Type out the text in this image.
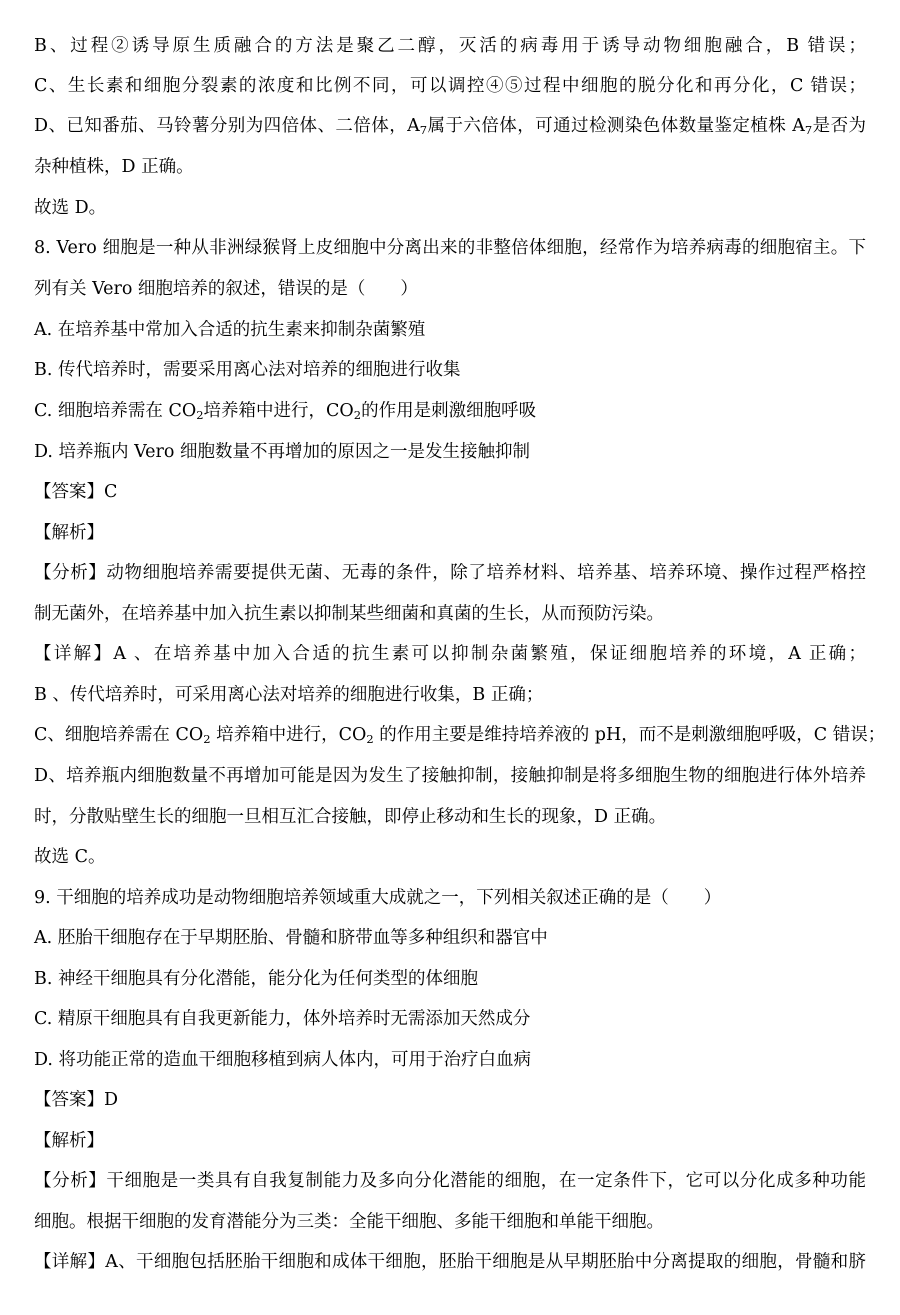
B、过程②诱导原生质融合的方法是聚乙二醇，灭活的病毒用于诱导动物细胞融合，B 错误；
C、生长素和细胞分裂素的浓度和比例不同，可以调控④⑤过程中细胞的脱分化和再分化，C 错误；
D、已知番茄、马铃薯分别为四倍体、二倍体，$A_7$属于六倍体，可通过检测染色体数量鉴定植株 $A_7$是否为
杂种植株，D 正确。
故选 D。
8. Vero 细胞是一种从非洲绿猴肾上皮细胞中分离出来的非整倍体细胞，经常作为培养病毒的细胞宿主。下
列有关 Vero 细胞培养的叙述，错误的是（　　）
A. 在培养基中常加入合适的抗生素来抑制杂菌繁殖
B. 传代培养时，需要采用离心法对培养的细胞进行收集
C. 细胞培养需在 $CO_2$培养箱中进行，$CO_2$的作用是刺激细胞呼吸
D. 培养瓶内 Vero 细胞数量不再增加的原因之一是发生接触抑制
【答案】C
【解析】
【分析】动物细胞培养需要提供无菌、无毒的条件，除了培养材料、培养基、培养环境、操作过程严格控
制无菌外，在培养基中加入抗生素以抑制某些细菌和真菌的生长，从而预防污染。
【详解】A 、在培养基中加入合适的抗生素可以抑制杂菌繁殖，保证细胞培养的环境，A 正确；
B 、传代培养时，可采用离心法对培养的细胞进行收集，B 正确；
C、细胞培养需在 $CO_2$ 培养箱中进行，$CO_2$ 的作用主要是维持培养液的 pH，而不是刺激细胞呼吸，C 错误；
D、培养瓶内细胞数量不再增加可能是因为发生了接触抑制，接触抑制是将多细胞生物的细胞进行体外培养
时，分散贴壁生长的细胞一旦相互汇合接触，即停止移动和生长的现象，D 正确。
故选 C。
9. 干细胞的培养成功是动物细胞培养领域重大成就之一，下列相关叙述正确的是（　　）
A. 胚胎干细胞存在于早期胚胎、骨髓和脐带血等多种组织和器官中
B. 神经干细胞具有分化潜能，能分化为任何类型的体细胞
C. 精原干细胞具有自我更新能力，体外培养时无需添加天然成分
D. 将功能正常的造血干细胞移植到病人体内，可用于治疗白血病
【答案】D
【解析】
【分析】干细胞是一类具有自我复制能力及多向分化潜能的细胞，在一定条件下，它可以分化成多种功能
细胞。根据干细胞的发育潜能分为三类：全能干细胞、多能干细胞和单能干细胞。
【详解】A、干细胞包括胚胎干细胞和成体干细胞，胚胎干细胞是从早期胚胎中分离提取的细胞，骨髓和脐
